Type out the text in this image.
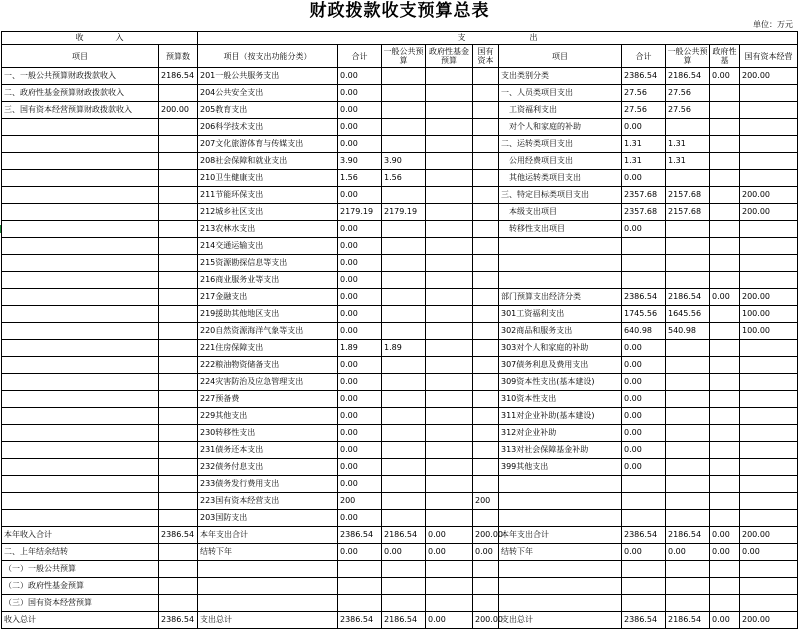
财政拨款收支预算总表
单位：万元
收　　　　入		支　　　　　　　　出									
项目	预算数	项目（按支出功能分类）	合计	一般公共预算	政府性基金预算	国有资本	项目	合计	一般公共预算	政府性基	国有资本经营
一、一般公共预算财政拨款收入	2186.54	201一般公共服务支出	0.00				支出类别分类	2386.54	2186.54	0.00	200.00
二、政府性基金预算财政拨款收入		204公共安全支出	0.00				一、人员类项目支出	27.56	27.56		
三、国有资本经营预算财政拨款收入	200.00	205教育支出	0.00				　工资福利支出	27.56	27.56		
		206科学技术支出	0.00				　对个人和家庭的补助	0.00			
		207文化旅游体育与传媒支出	0.00				二、运转类项目支出	1.31	1.31		
		208社会保障和就业支出	3.90	3.90			　公用经费项目支出	1.31	1.31		
		210卫生健康支出	1.56	1.56			　其他运转类项目支出	0.00			
		211节能环保支出	0.00				三、特定目标类项目支出	2357.68	2157.68		200.00
		212城乡社区支出	2179.19	2179.19			　本级支出项目	2357.68	2157.68		200.00
		213农林水支出	0.00				　转移性支出项目	0.00			
		214交通运输支出	0.00								
		215资源勘探信息等支出	0.00								
		216商业服务业等支出	0.00								
		217金融支出	0.00				部门预算支出经济分类	2386.54	2186.54	0.00	200.00
		219援助其他地区支出	0.00				301工资福利支出	1745.56	1645.56		100.00
		220自然资源海洋气象等支出	0.00				302商品和服务支出	640.98	540.98		100.00
		221住房保障支出	1.89	1.89			303对个人和家庭的补助	0.00			
		222粮油物资储备支出	0.00				307债务利息及费用支出	0.00			
		224灾害防治及应急管理支出	0.00				309资本性支出(基本建设)	0.00			
		227预备费	0.00				310资本性支出	0.00			
		229其他支出	0.00				311对企业补助(基本建设)	0.00			
		230转移性支出	0.00				312对企业补助	0.00			
		231债务还本支出	0.00				313对社会保障基金补助	0.00			
		232债务付息支出	0.00				399其他支出	0.00			
		233债务发行费用支出	0.00								
		223国有资本经营支出	200			200					
		203国防支出	0.00								
本年收入合计	2386.54	本年支出合计	2386.54	2186.54	0.00	200.00	本年支出合计	2386.54	2186.54	0.00	200.00
二、上年结余结转		结转下年	0.00	0.00	0.00	0.00	结转下年	0.00	0.00	0.00	0.00
（一）一般公共预算											
（二）政府性基金预算											
（三）国有资本经营预算											
收入总计	2386.54	支出总计	2386.54	2186.54	0.00	200.00	支出总计	2386.54	2186.54	0.00	200.00
